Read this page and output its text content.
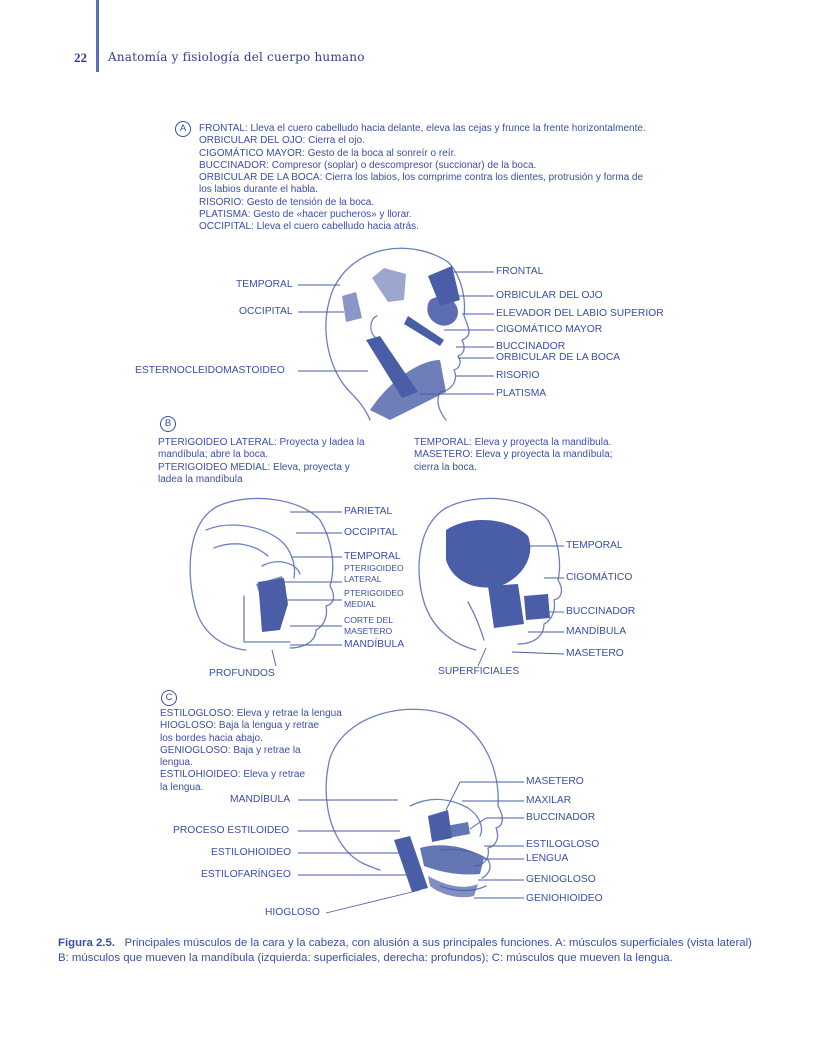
22 Anatomía y fisiología del cuerpo humano
A	FRONTAL: Lleva el cuero cabelludo hacia delante, eleva las cejas y frunce la frente horizontalmente.
ORBICULAR DEL OJO: Cierra el ojo.
CIGOMÁTICO MAYOR: Gesto de la boca al sonreír o reír.
BUCCINADOR: Compresor (soplar) o descompresor (succionar) de la boca.
ORBICULAR DE LA BOCA: Cierra los labios, los comprime contra los dientes, protrusión y forma de
los labios durante el habla.
RISORIO: Gesto de tensión de la boca.
PLATISMA: Gesto de «hacer pucheros» y llorar.
OCCIPITAL: Lleva el cuero cabelludo hacia atrás.
TEMPORAL
OCCIPITAL
ESTERNOCLEIDOMASTOIDEO
FRONTAL
ORBICULAR DEL OJO
ELEVADOR DEL LABIO SUPERIOR
CIGOMÁTICO MAYOR
BUCCINADOR
ORBICULAR DE LA BOCA
RISORIO
PLATISMA
B
PTERIGOIDEO LATERAL: Proyecta y ladea la
mandíbula; abre la boca.
PTERIGOIDEO MEDIAL: Eleva, proyecta y
ladea la mandíbula
TEMPORAL: Eleva y proyecta la mandíbula.
MASETERO: Eleva y proyecta la mandíbula;
cierra la boca.
PARIETAL
OCCIPITAL
TEMPORAL
PTERIGOIDEO LATERAL
PTERIGOIDEO MEDIAL
CORTE DEL MASETERO
MANDÍBULA
PROFUNDOS
TEMPORAL
CIGOMÁTICO
BUCCINADOR
MANDÍBULA
MASETERO
SUPERFICIALES
C
ESTILOGLOSO: Eleva y retrae la lengua
HIOGLOSO: Baja la lengua y retrae
los bordes hacia abajo.
GENIOGLOSO: Baja y retrae la
lengua.
ESTILOHIOIDEO: Eleva y retrae
la lengua.
MANDÍBULA
PROCESO ESTILOIDEO
ESTILOHIOIDEO
ESTILOFARÍNGEO
HIOGLOSO
MASETERO
MAXILAR
BUCCINADOR
ESTILOGLOSO
LENGUA
GENIOGLOSO
GENIOHIOIDEO
Figura 2.5. Principales músculos de la cara y la cabeza, con alusión a sus principales funciones. A: músculos superficiales (vista lateral) B: músculos que mueven la mandíbula (izquierda: superficiales, derecha: profundos); C: músculos que mueven la lengua.
